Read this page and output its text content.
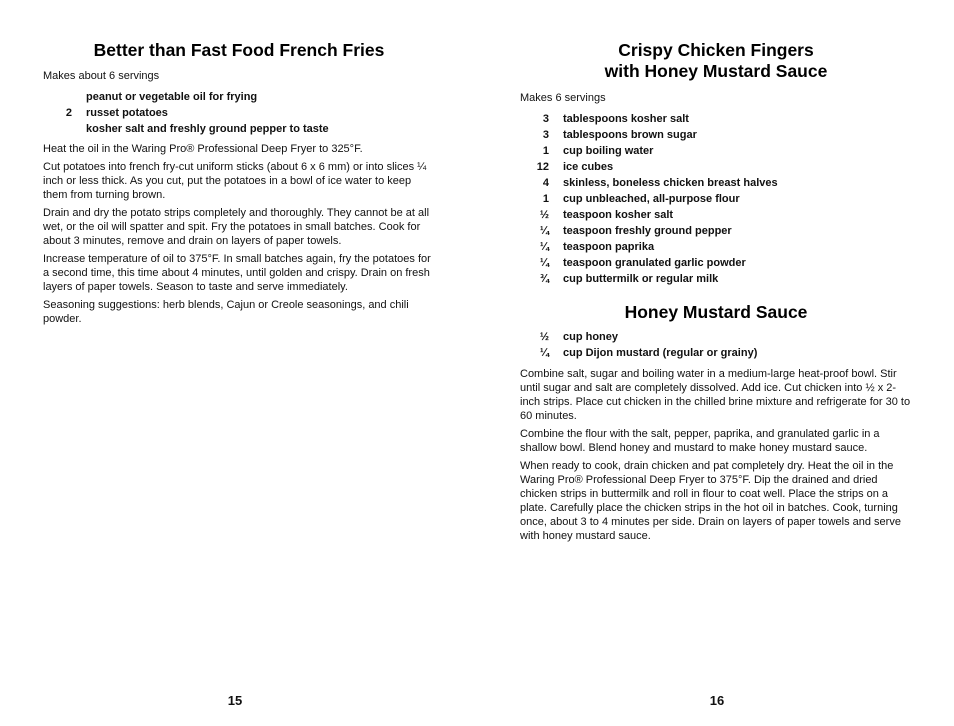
Better than Fast Food French Fries
Makes about 6 servings
peanut or vegetable oil for frying
2	russet potatoes
kosher salt and freshly ground pepper to taste

Heat the oil in the Waring Pro® Professional Deep Fryer to 325°F.

Cut potatoes into french fry-cut uniform sticks (about 6 x 6 mm) or into slices ¼ inch or less thick. As you cut, put the potatoes in a bowl of ice water to keep them from turning brown.

Drain and dry the potato strips completely and thoroughly. They cannot be at all wet, or the oil will spatter and spit. Fry the potatoes in small batches. Cook for about 3 minutes, remove and drain on layers of paper towels.

Increase temperature of oil to 375°F. In small batches again, fry the potatoes for a second time, this time about 4 minutes, until golden and crispy. Drain on fresh layers of paper towels. Season to taste and serve immediately.

Seasoning suggestions: herb blends, Cajun or Creole seasonings, and chili powder.

15
Crispy Chicken Fingers
with Honey Mustard Sauce
Makes 6 servings
3	tablespoons kosher salt
3	tablespoons brown sugar
1	cup boiling water
12	ice cubes
4	skinless, boneless chicken breast halves
1	cup unbleached, all-purpose flour
½	teaspoon kosher salt
¼	teaspoon freshly ground pepper
¼	teaspoon paprika
¼	teaspoon granulated garlic powder
¾	cup buttermilk or regular milk
Honey Mustard Sauce
½	cup honey
¼	cup Dijon mustard (regular or grainy)

Combine salt, sugar and boiling water in a medium-large heat-proof bowl. Stir until sugar and salt are completely dissolved. Add ice. Cut chicken into ½ x 2-inch strips. Place cut chicken in the chilled brine mixture and refrigerate for 30 to 60 minutes.

Combine the flour with the salt, pepper, paprika, and granulated garlic in a shallow bowl. Blend honey and mustard to make honey mustard sauce.

When ready to cook, drain chicken and pat completely dry. Heat the oil in the Waring Pro® Professional Deep Fryer to 375°F. Dip the drained and dried chicken strips in buttermilk and roll in flour to coat well. Place the strips on a plate. Carefully place the chicken strips in the hot oil in batches. Cook, turning once, about 3 to 4 minutes per side. Drain on layers of paper towels and serve with honey mustard sauce.

16
